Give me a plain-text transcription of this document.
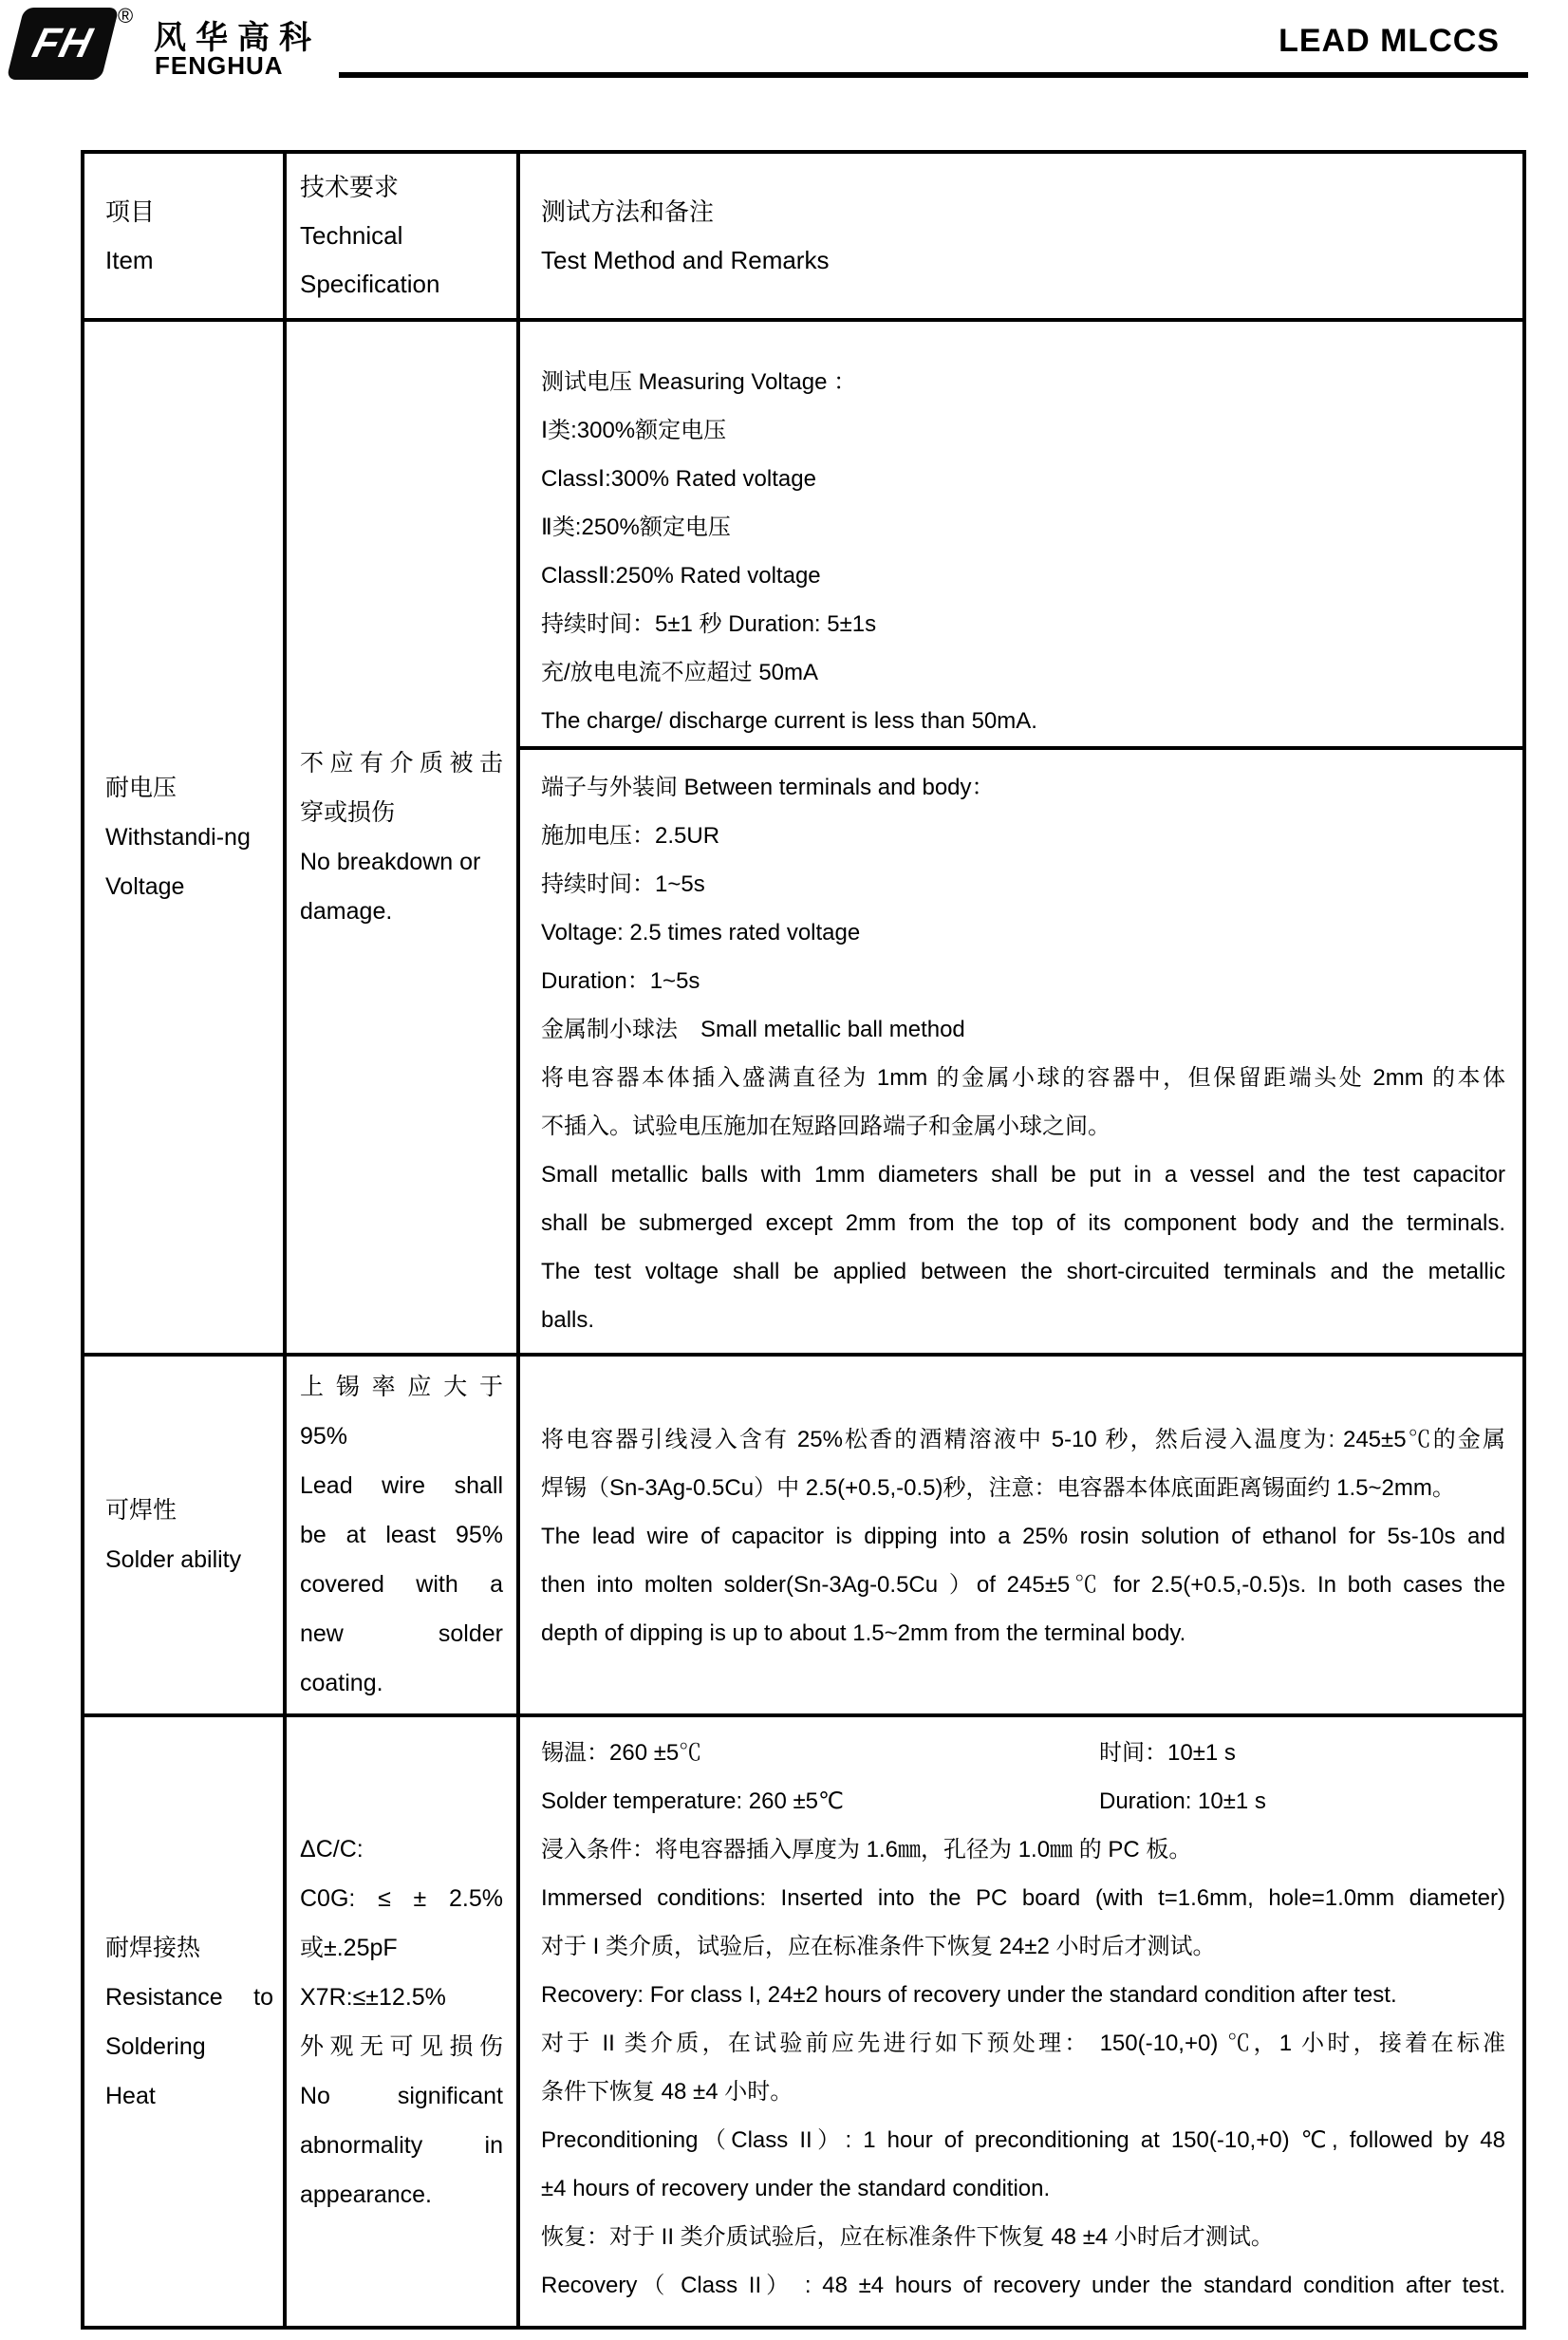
FH
®
风华高科
FENGHUA
LEAD MLCCS

项目

Item

技术要求

Technical

Specification

测试方法和备注

Test Method and Remarks

耐电压

Withstandi-ng

Voltage

不应有介质被击

穿或损伤

No breakdown or

damage.

测试电压 Measuring Voltage ：

Ⅰ类:300%额定电压

ClassⅠ:300% Rated voltage

Ⅱ类:250%额定电压

ClassⅡ:250% Rated voltage

持续时间：5±1 秒 Duration: 5±1s

充/放电电流不应超过 50mA

The charge/ discharge current is less than 50mA.

端子与外装间 Between terminals and body：

施加电压：2.5UR

持续时间：1~5s

Voltage: 2.5 times rated voltage

Duration：1~5s

金属制小球法　Small metallic ball method

将电容器本体插入盛满直径为 1mm 的金属小球的容器中，但保留距端头处 2mm 的本体

不插入。试验电压施加在短路回路端子和金属小球之间。

Small metallic balls with 1mm diameters shall be put in a vessel and the test capacitor

shall be submerged except 2mm from the top of its component body and the terminals.

The test voltage shall be applied between the short-circuited terminals and the metallic

balls.

可焊性

Solder ability

上锡率应大于

95%

Lead wire shall

be at least 95%

covered with a

new solder

coating.

将电容器引线浸入含有 25%松香的酒精溶液中 5-10 秒，然后浸入温度为: 245±5℃的金属

焊锡（Sn-3Ag-0.5Cu）中 2.5(+0.5,-0.5)秒，注意：电容器本体底面距离锡面约 1.5~2mm。

The lead wire of capacitor is dipping into a 25% rosin solution of ethanol for 5s-10s and

then into molten solder(Sn-3Ag-0.5Cu ）of 245±5℃ for 2.5(+0.5,-0.5)s. In both cases the

depth of dipping is up to about 1.5~2mm from the terminal body.

耐焊接热

Resistance to

Soldering

Heat

ΔC/C:

C0G: ≤ ± 2.5%

或±.25pF

X7R:≤±12.5%

外观无可见损伤

No significant

abnormality in

appearance.

锡温：260 ±5℃	时间：10±1 s

Solder temperature: 260 ±5℃	Duration: 10±1 s

浸入条件：将电容器插入厚度为 1.6㎜，孔径为 1.0㎜ 的 PC 板。

Immersed conditions: Inserted into the PC board (with t=1.6mm, hole=1.0mm diameter)

对于 I 类介质，试验后，应在标准条件下恢复 24±2 小时后才测试。

Recovery: For class I, 24±2 hours of recovery under the standard condition after test.

对于 II 类介质，在试验前应先进行如下预处理： 150(-10,+0) ℃，1 小时，接着在标准

条件下恢复 48 ±4 小时。

Preconditioning（Class II）: 1 hour of preconditioning at 150(-10,+0) ℃, followed by 48

±4 hours of recovery under the standard condition.

恢复：对于 II 类介质试验后，应在标准条件下恢复 48 ±4 小时后才测试。

Recovery（ Class II） : 48 ±4 hours of recovery under the standard condition after test.
